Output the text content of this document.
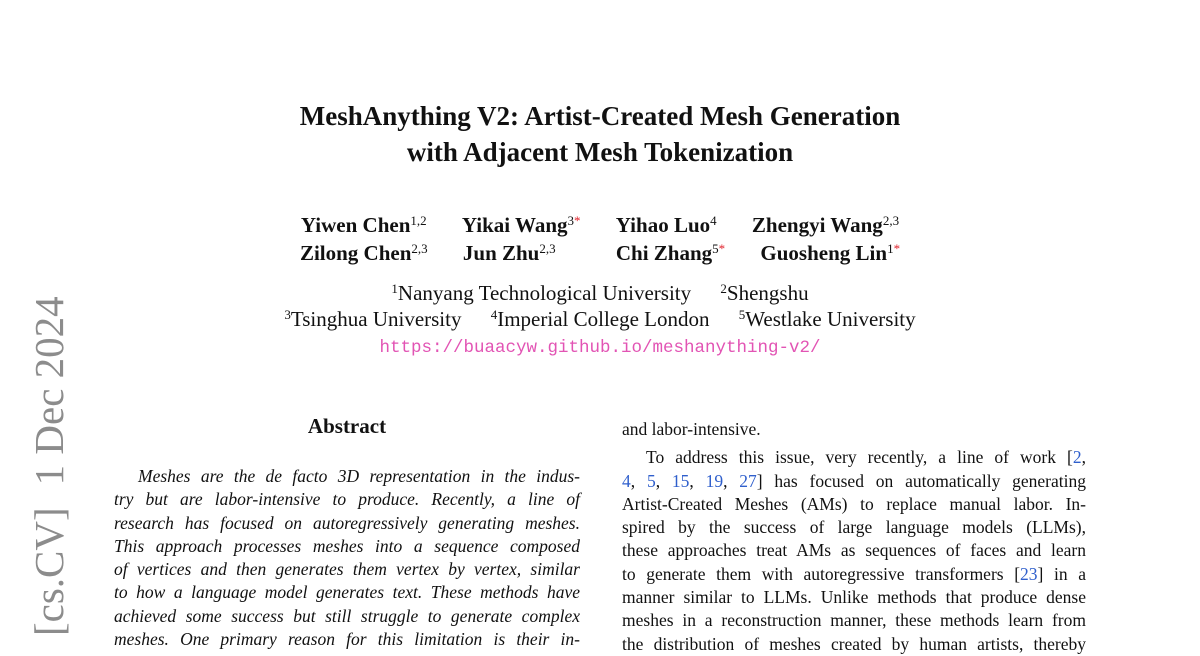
MeshAnything V2: Artist-Created Mesh Generation
with Adjacent Mesh Tokenization
Yiwen Chen$^{1,2}$ Yikai Wang$^{3*}$ Yihao Luo$^4$ Zhengyi Wang$^{2,3}$
Zilong Chen$^{2,3}$ Jun Zhu$^{2,3}$	Chi Zhang$^{5*}$ Guosheng Lin$^{1*}$
$^1$Nanyang Technological University $^2$Shengshu
$^3$Tsinghua University $^4$Imperial College London $^5$Westlake University
https://buaacyw.github.io/meshanything-v2/
[cs.CV]1 Dec 2024	Abstract
Meshes are the de facto 3D representation in the indus-
try but are labor-intensive to produce. Recently, a line of
research has focused on autoregressively generating meshes.
This approach processes meshes into a sequence composed
of vertices and then generates them vertex by vertex, similar
to how a language model generates text. These methods have
achieved some success but still struggle to generate complex
meshes. One primary reason for this limitation is their in-
and labor-intensive.
To address this issue, very recently, a line of work [2,
4, 5, 15, 19, 27] has focused on automatically generating
Artist-Created Meshes (AMs) to replace manual labor. In-
spired by the success of large language models (LLMs),
these approaches treat AMs as sequences of faces and learn
to generate them with autoregressive transformers [23] in a
manner similar to LLMs. Unlike methods that produce dense
meshes in a reconstruction manner, these methods learn from
the distribution of meshes created by human artists, thereby
